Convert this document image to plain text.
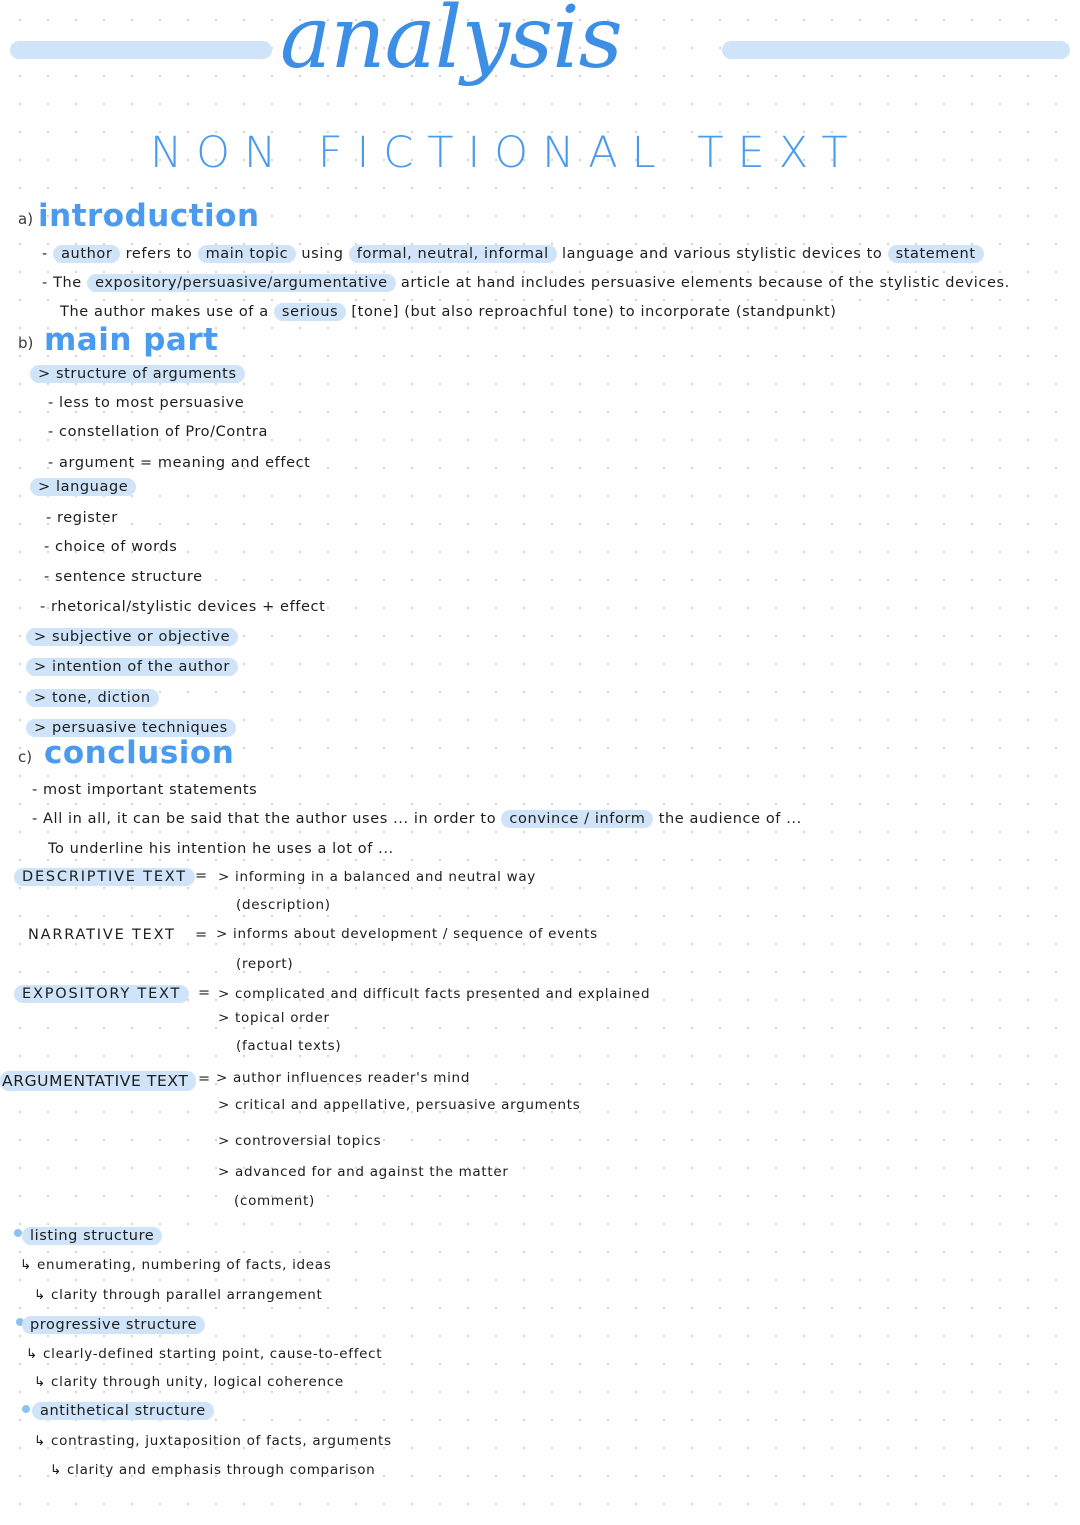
analysis
NON FICTIONAL TEXT
a) introduction
- author refers to main topic using formal, neutral, informal language and various stylistic devices to statement
- The expository/persuasive/argumentative article at hand includes persuasive elements because of the stylistic devices.
The author makes use of a serious [tone] (but also reproachful tone) to incorporate (standpunkt)
b) main part
> structure of arguments
- less to most persuasive
- constellation of Pro/Contra
- argument = meaning and effect
> language
- register
- choice of words
- sentence structure
- rhetorical/stylistic devices + effect
> subjective or objective
> intention of the author
> tone, diction
> persuasive techniques
c) conclusion
- most important statements
- All in all, it can be said that the author uses ... in order to convince / inform the audience of ...
To underline his intention he uses a lot of ...
DESCRIPTIVE TEXT = > informing in a balanced and neutral way
(description)
NARRATIVE TEXT = > informs about development / sequence of events
(report)
EXPOSITORY TEXT	= > complicated and difficult facts presented and explained
> topical order
(factual texts)
ARGUMENTATIVE TEXT = > author influences reader's mind
> critical and appellative, persuasive arguments
> controversial topics
> advanced for and against the matter
(comment)
listing structure
↳ enumerating, numbering of facts, ideas
↳ clarity through parallel arrangement
progressive structure
↳ clearly-defined starting point, cause-to-effect
↳ clarity through unity, logical coherence
antithetical structure
↳ contrasting, juxtaposition of facts, arguments
↳ clarity and emphasis through comparison
